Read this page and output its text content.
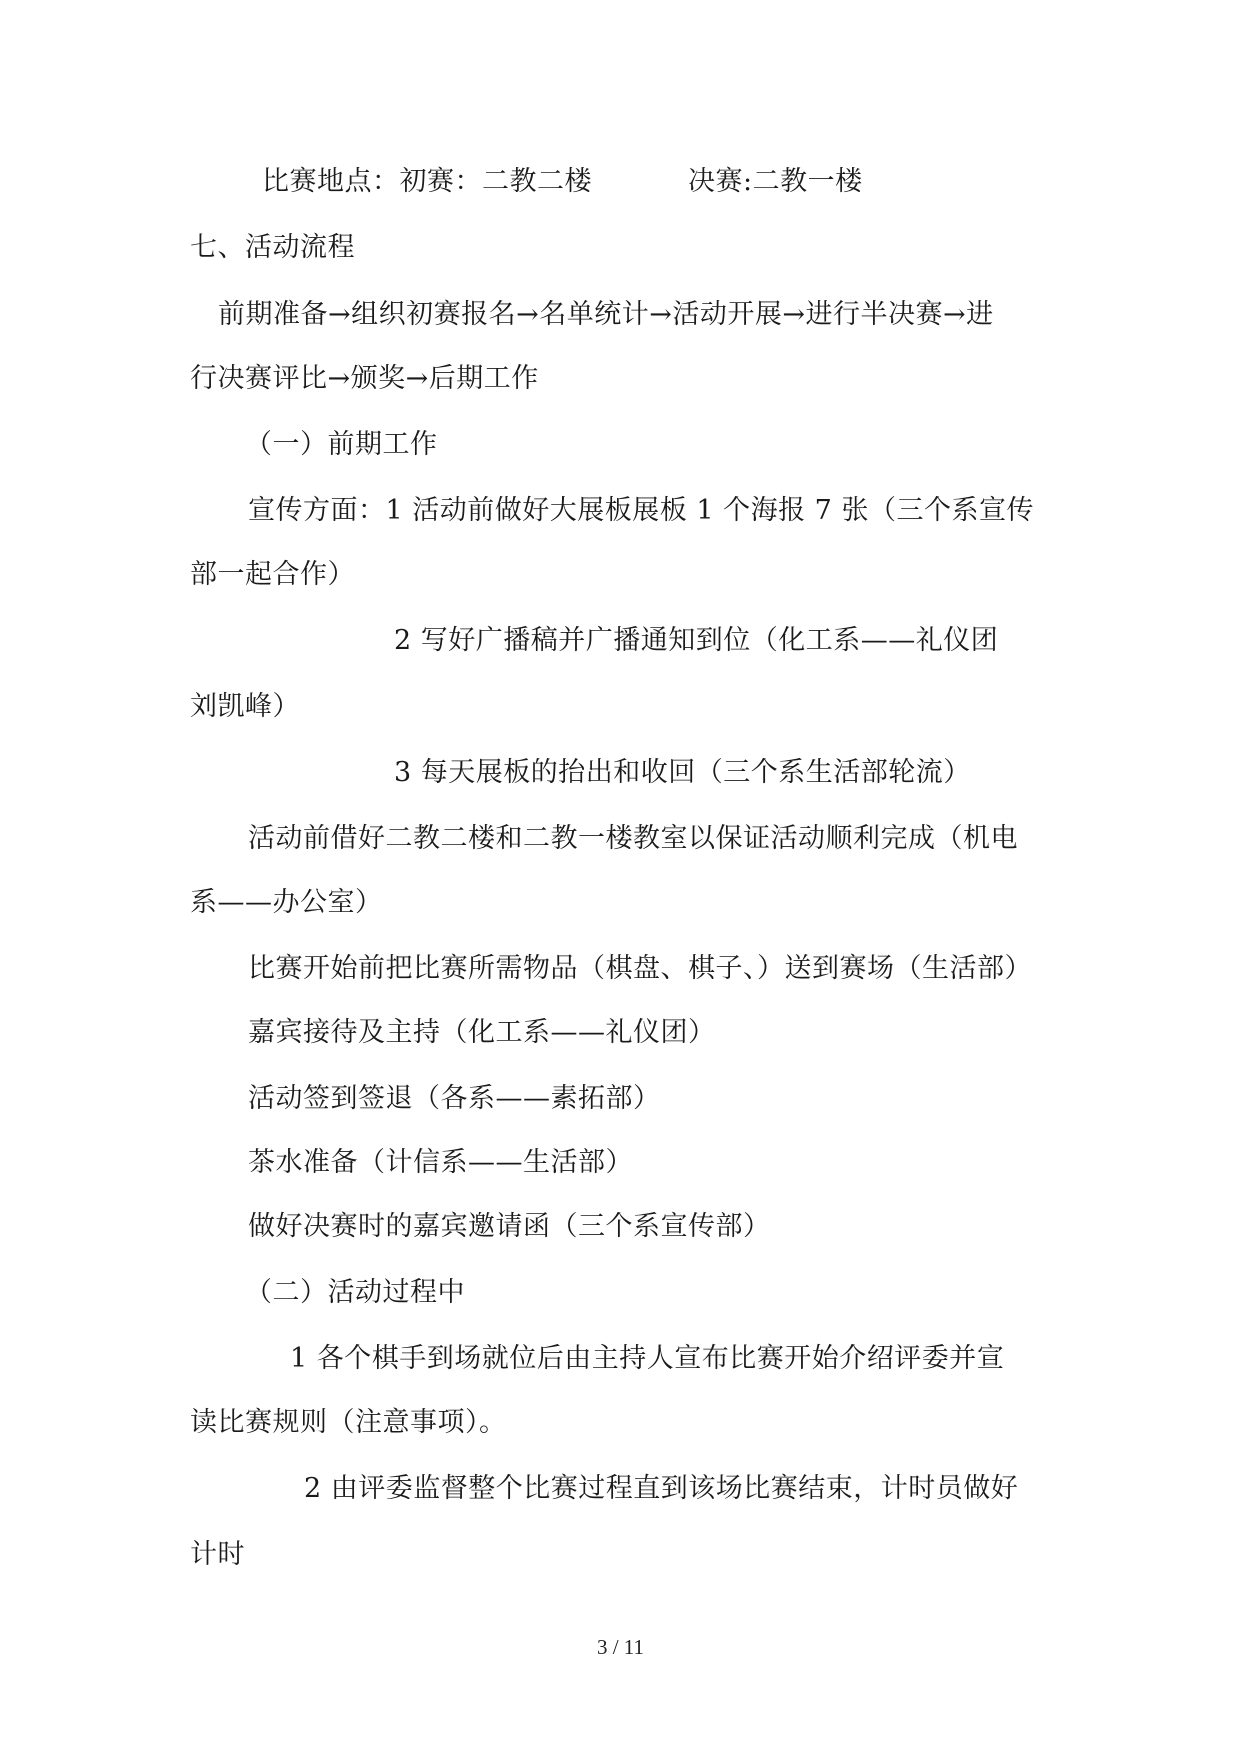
比赛地点：初赛：二教二楼	决赛:二教一楼
七、活动流程
前期准备→组织初赛报名→名单统计→活动开展→进行半决赛→进
行决赛评比→颁奖→后期工作
（一）前期工作
宣传方面：1 活动前做好大展板展板 1 个海报 7 张（三个系宣传
部一起合作）
2 写好广播稿并广播通知到位（化工系——礼仪团
刘凯峰）
3 每天展板的抬出和收回（三个系生活部轮流）
活动前借好二教二楼和二教一楼教室以保证活动顺利完成（机电
系——办公室）
比赛开始前把比赛所需物品（棋盘、棋子、）送到赛场（生活部）
嘉宾接待及主持（化工系——礼仪团）
活动签到签退（各系——素拓部）
茶水准备（计信系——生活部）
做好决赛时的嘉宾邀请函（三个系宣传部）
（二）活动过程中
1 各个棋手到场就位后由主持人宣布比赛开始介绍评委并宣
读比赛规则（注意事项）。
2 由评委监督整个比赛过程直到该场比赛结束，计时员做好
计时
3 / 11
